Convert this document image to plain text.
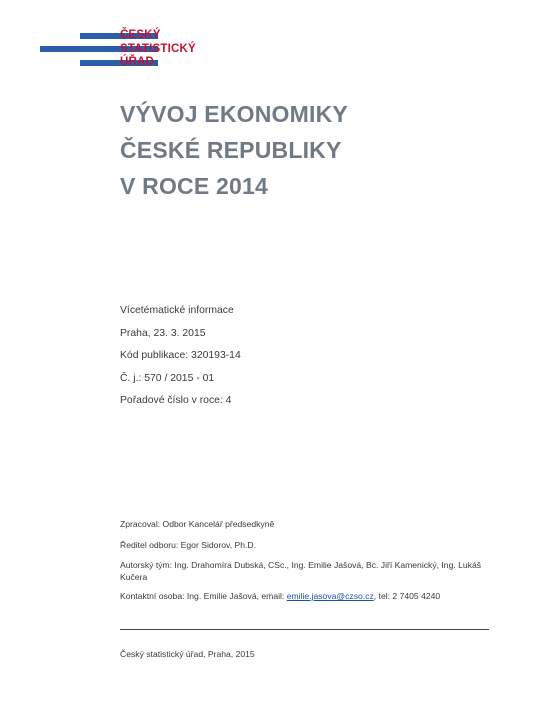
ČESKÝ
STATISTICKÝ
ÚŘAD
VÝVOJ EKONOMIKY
ČESKÉ REPUBLIKY
V ROCE 2014
Vícetématické informace
Praha, 23. 3. 2015
Kód publikace: 320193-14
Č. j.: 570 / 2015 - 01
Pořadové číslo v roce: 4
Zpracoval: Odbor Kancelář předsedkyně
Ředitel odboru: Egor Sidorov, Ph.D.
Autorský tým: Ing. Drahomíra Dubská, CSc., Ing. Emilie Jašová, Bc. Jiří Kamenický, Ing. Lukáš Kučera
Kontaktní osoba: Ing. Emilie Jašová, email: emilie.jasova@czso.cz, tel: 2 7405 4240
Český statistický úřad, Praha, 2015
